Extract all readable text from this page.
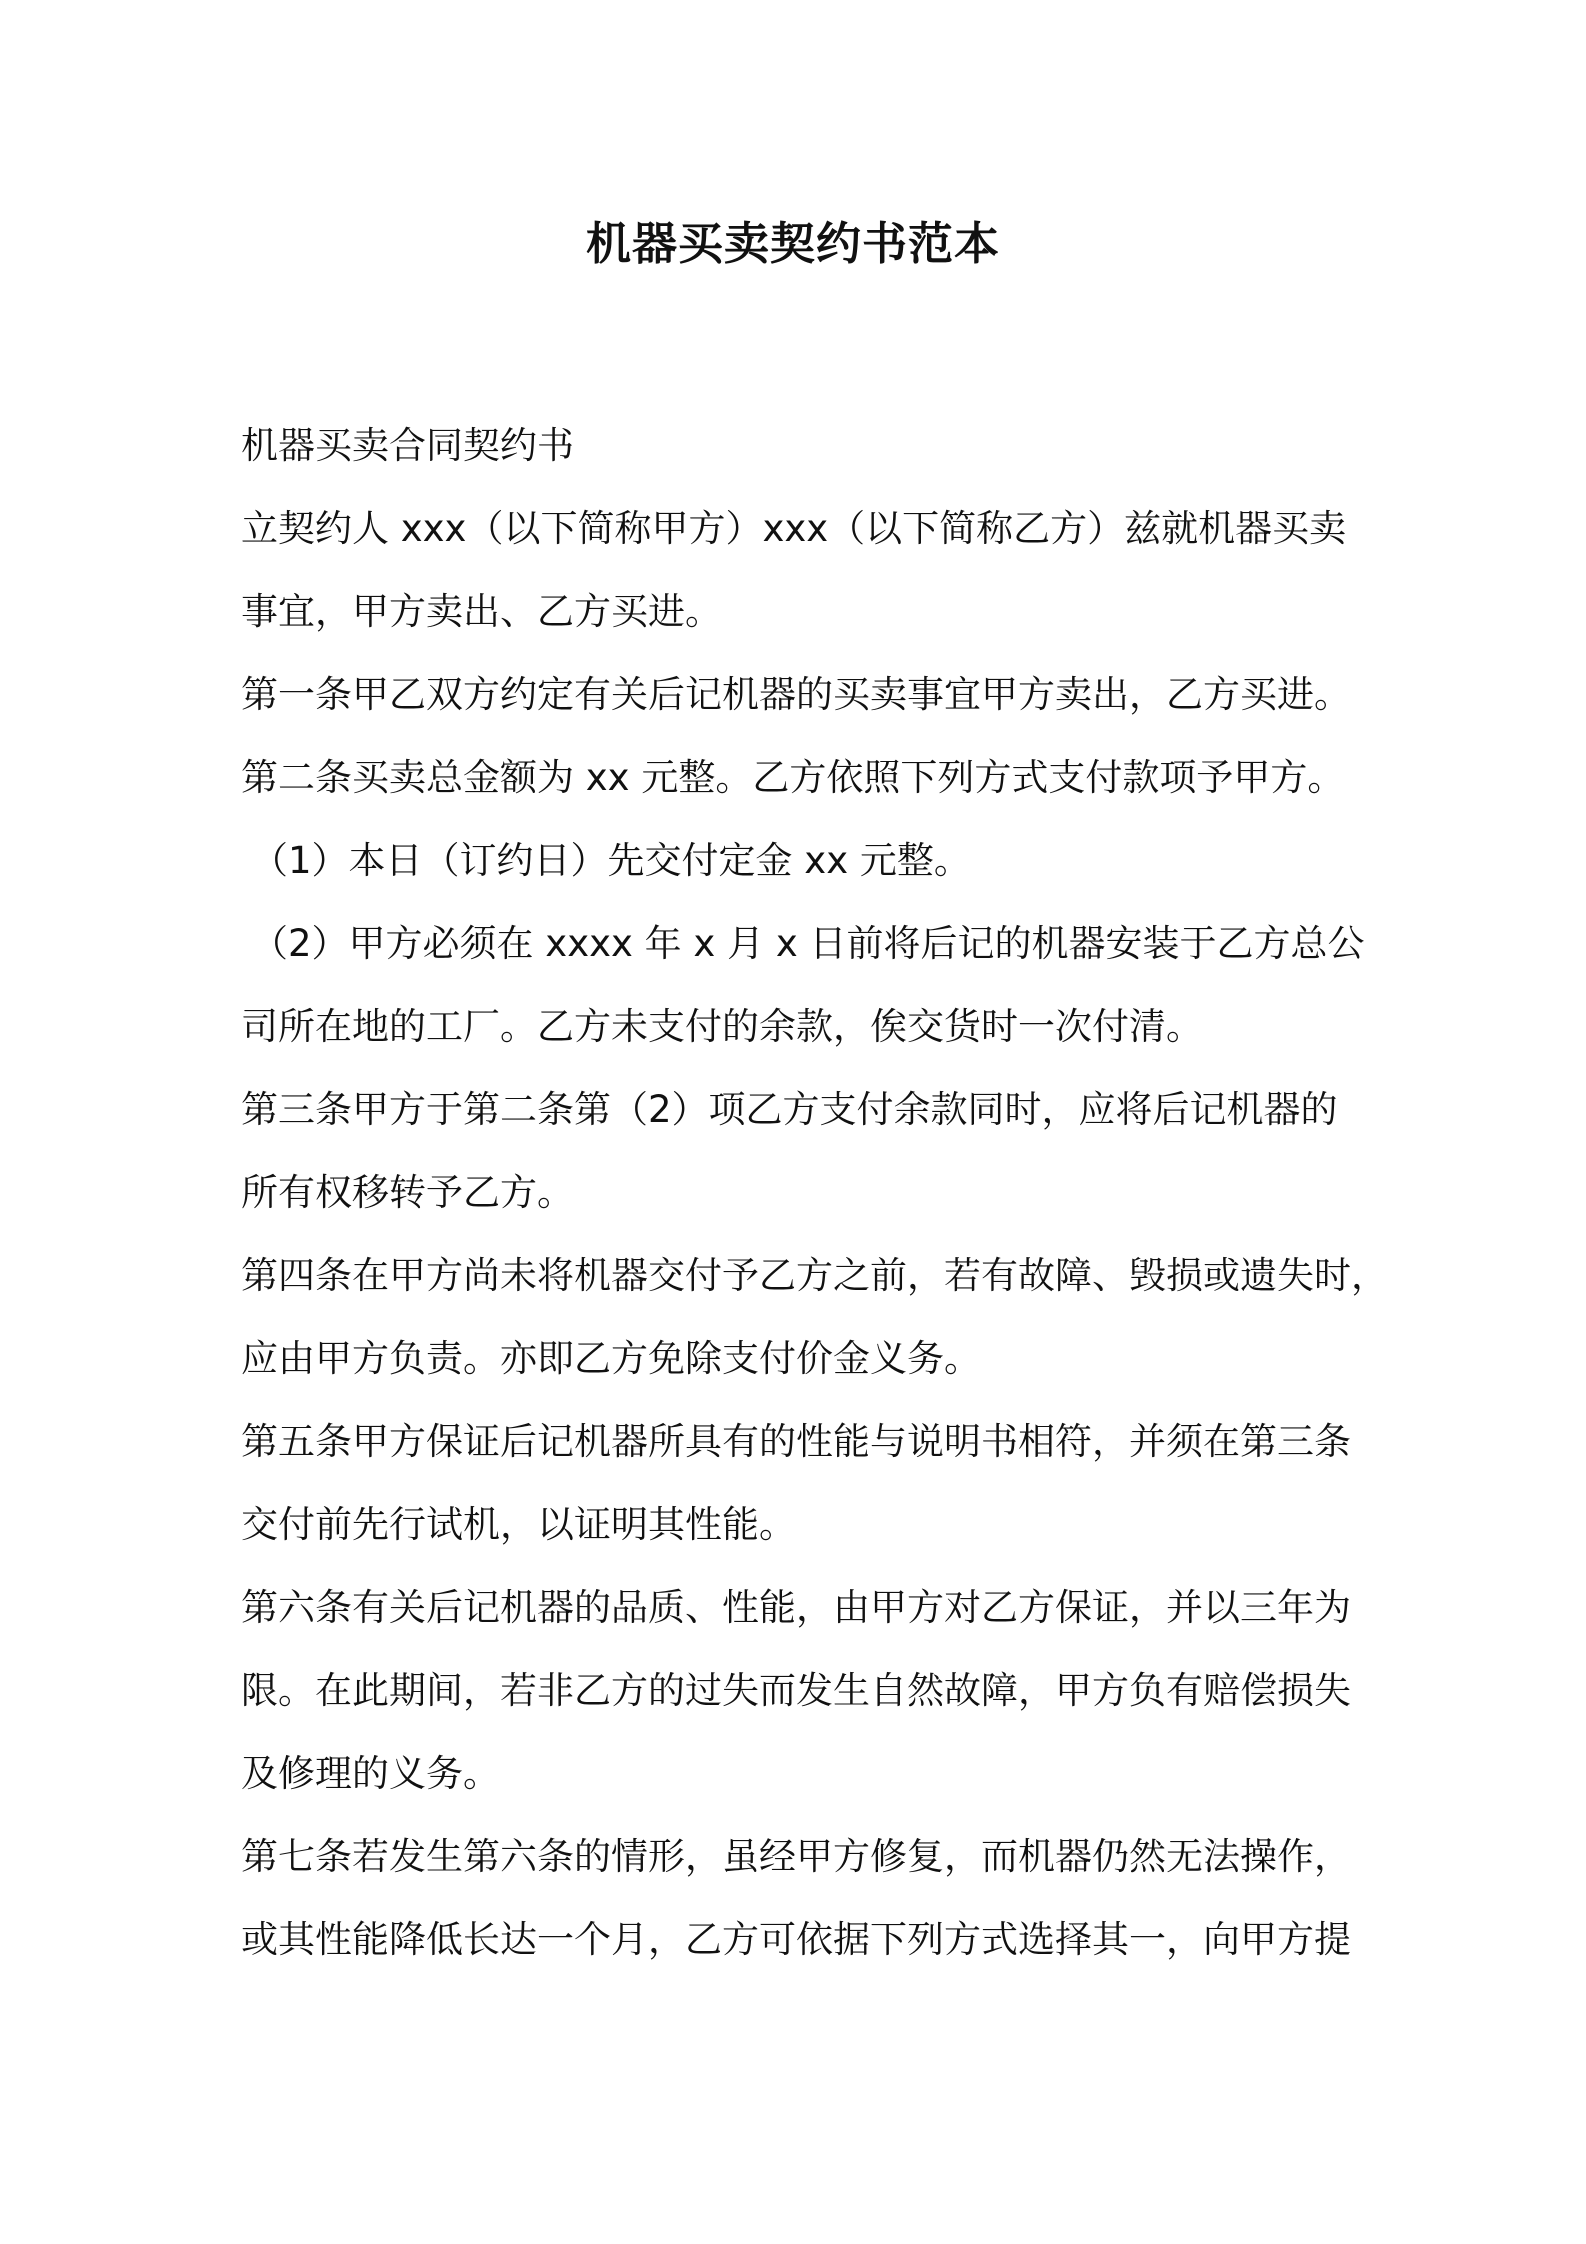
机器买卖契约书范本

机器买卖合同契约书

立契约人 xxx（以下简称甲方）xxx（以下简称乙方）兹就机器买卖

事宜，甲方卖出、乙方买进。

第一条甲乙双方约定有关后记机器的买卖事宜甲方卖出，乙方买进。

第二条买卖总金额为 xx 元整。乙方依照下列方式支付款项予甲方。

（1）本日（订约日）先交付定金 xx 元整。

（2）甲方必须在 xxxx 年 x 月 x 日前将后记的机器安装于乙方总公

司所在地的工厂。乙方未支付的余款，俟交货时一次付清。

第三条甲方于第二条第（2）项乙方支付余款同时，应将后记机器的

所有权移转予乙方。

第四条在甲方尚未将机器交付予乙方之前，若有故障、毁损或遗失时，

应由甲方负责。亦即乙方免除支付价金义务。

第五条甲方保证后记机器所具有的性能与说明书相符，并须在第三条

交付前先行试机，以证明其性能。

第六条有关后记机器的品质、性能，由甲方对乙方保证，并以三年为

限。在此期间，若非乙方的过失而发生自然故障，甲方负有赔偿损失

及修理的义务。

第七条若发生第六条的情形，虽经甲方修复，而机器仍然无法操作，

或其性能降低长达一个月，乙方可依据下列方式选择其一，向甲方提
